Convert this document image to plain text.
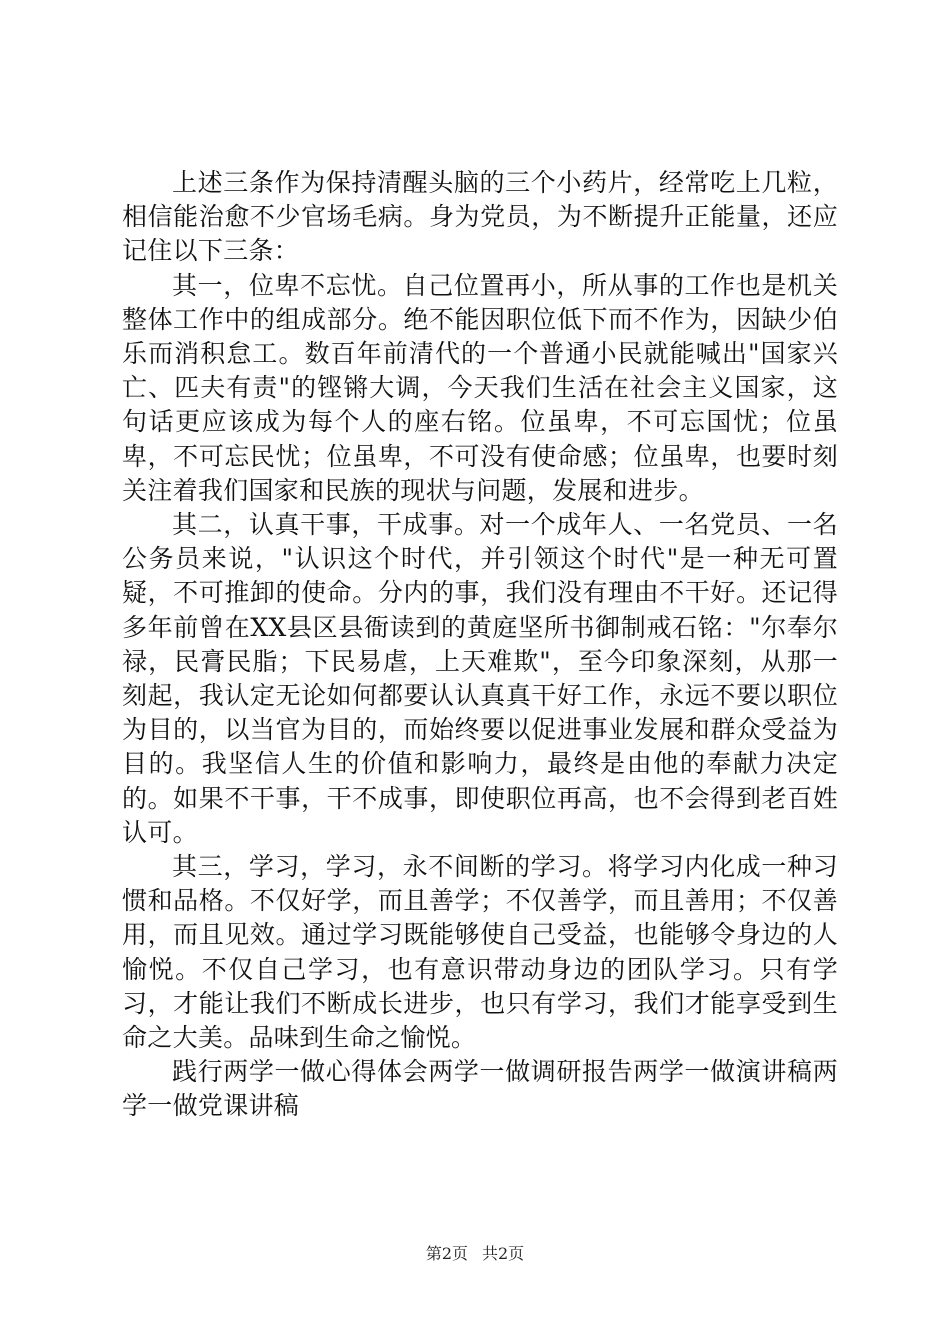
上述三条作为保持清醒头脑的三个小药片，经常吃上几粒，相信能治愈不少官场毛病。身为党员，为不断提升正能量，还应记住以下三条：

其一，位卑不忘忧。自己位置再小，所从事的工作也是机关整体工作中的组成部分。绝不能因职位低下而不作为，因缺少伯乐而消积怠工。数百年前清代的一个普通小民就能喊出"国家兴亡、匹夫有责"的铿锵大调，今天我们生活在社会主义国家，这句话更应该成为每个人的座右铭。位虽卑，不可忘国忧；位虽卑，不可忘民忧；位虽卑，不可没有使命感；位虽卑，也要时刻关注着我们国家和民族的现状与问题，发展和进步。

其二，认真干事，干成事。对一个成年人、一名党员、一名公务员来说，"认识这个时代，并引领这个时代"是一种无可置疑，不可推卸的使命。分内的事，我们没有理由不干好。还记得多年前曾在XX县区县衙读到的黄庭坚所书御制戒石铭："尔奉尔禄，民膏民脂；下民易虐，上天难欺"，至今印象深刻，从那一刻起，我认定无论如何都要认认真真干好工作，永远不要以职位为目的，以当官为目的，而始终要以促进事业发展和群众受益为目的。我坚信人生的价值和影响力，最终是由他的奉献力决定的。如果不干事，干不成事，即使职位再高，也不会得到老百姓认可。

其三，学习，学习，永不间断的学习。将学习内化成一种习惯和品格。不仅好学，而且善学；不仅善学，而且善用；不仅善用，而且见效。通过学习既能够使自己受益，也能够令身边的人愉悦。不仅自己学习，也有意识带动身边的团队学习。只有学习，才能让我们不断成长进步，也只有学习，我们才能享受到生命之大美。品味到生命之愉悦。

践行两学一做心得体会两学一做调研报告两学一做演讲稿两学一做党课讲稿

第2页 共2页
